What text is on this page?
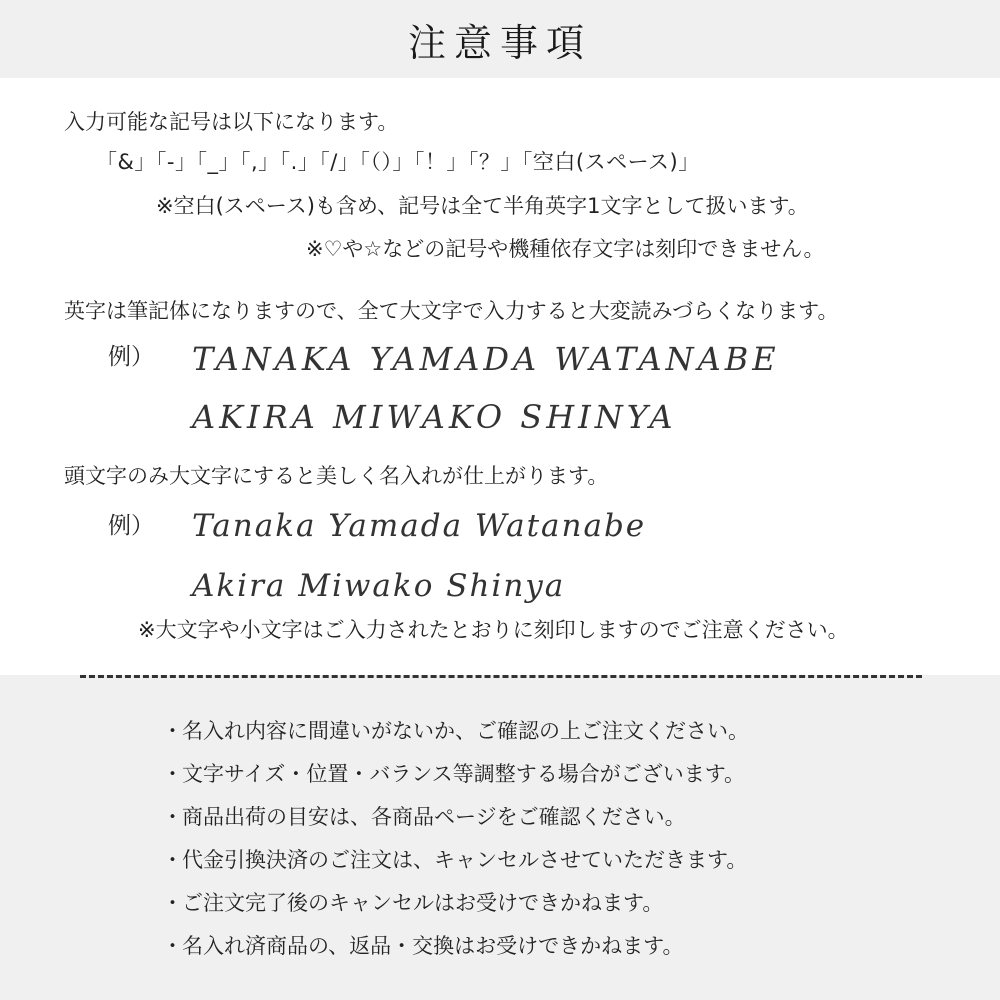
注意事項
入力可能な記号は以下になります。
「&」「-」「_」「,」「.」「/」「（）」「！」「？」「空白(スペース)」
※空白(スペース)も含め、記号は全て半角英字1文字として扱います。
※♡や☆などの記号や機種依存文字は刻印できません。
英字は筆記体になりますので、全て大文字で入力すると大変読みづらくなります。
例） TANAKA YAMADA WATANABE
AKIRA MIWAKO SHINYA
頭文字のみ大文字にすると美しく名入れが仕上がります。
例） Tanaka Yamada Watanabe
Akira Miwako Shinya
※大文字や小文字はご入力されたとおりに刻印しますのでご注意ください。
・ 名入れ内容に間違いがないか、ご確認の上ご注文ください。
・ 文字サイズ・位置・バランス等調整する場合がございます。
・ 商品出荷の目安は、各商品ページをご確認ください。
・ 代金引換決済のご注文は、キャンセルさせていただきます。
・ ご注文完了後のキャンセルはお受けできかねます。
・ 名入れ済商品の、返品・交換はお受けできかねます。
